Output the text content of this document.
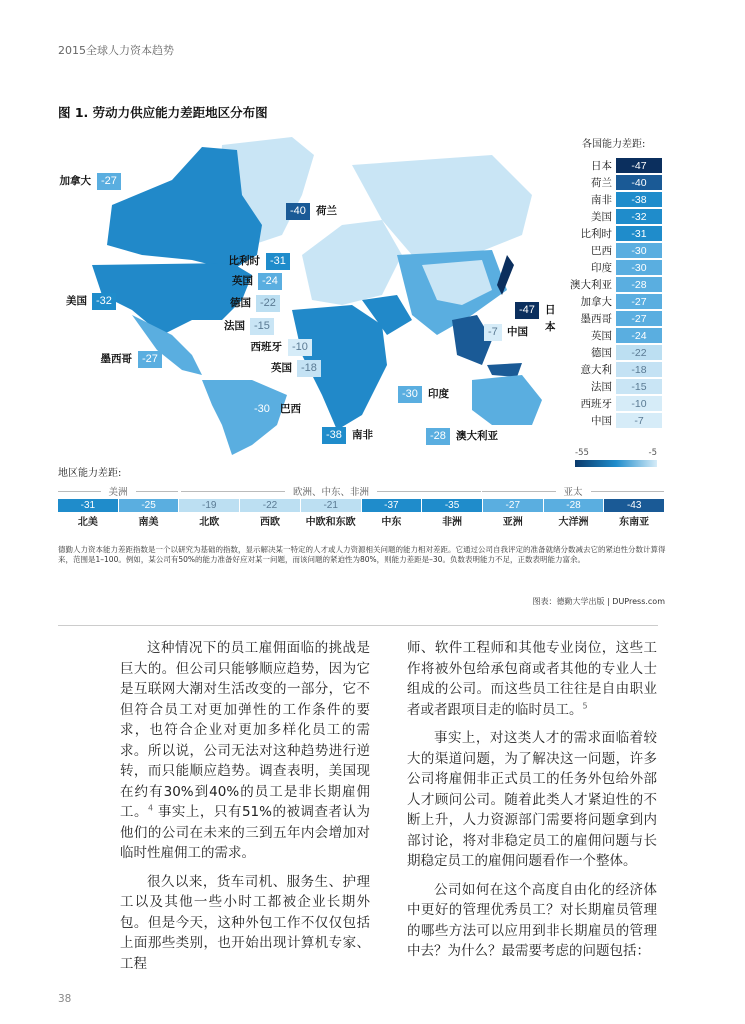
2015全球人力资本趋势
图 1. 劳动力供应能力差距地区分布图
-27
加拿大
-40 荷兰
-31
比利时
-24
英国
-22
德国
-15
法国
-10
西班牙
-32
美国
-18
英国
-27
墨西哥
-30 巴西
-38 南非
-47 日本
-7 中国
-30 印度
-28 澳大利亚
各国能力差距:
日本	-47
荷兰	-40
南非	-38
美国	-32
比利时	-31
巴西	-30
印度	-30
澳大利亚	-28
加拿大	-27
墨西哥	-27
英国	-24
德国	-22
意大利	-18
法国	-15
西班牙	-10
中国	-7
-55	-5
地区能力差距:
美洲	欧洲、中东、非洲	亚太
-31
北美
-25
南美
-19
北欧
-22
西欧
-21
中欧和东欧
-37
中东
-35
非洲
-27
亚洲
-28
大洋洲
-43
东南亚
德勤人力资本能力差距指数是一个以研究为基础的指数，显示解决某一特定的人才或人力资源相关问题的能力相对差距。它通过公司自我评定的准备就绪分数减去它的紧迫性分数计算得来，范围是1–100。例如，某公司有50%的能力准备好应对某一问题，而该问题的紧迫性为80%，则能力差距是–30。负数表明能力不足，正数表明能力富余。
图表：德勤大学出版 | DUPress.com

这种情况下的员工雇佣面临的挑战是巨大的。但公司只能够顺应趋势，因为它是互联网大潮对生活改变的一部分，它不但符合员工对更加弹性的工作条件的要求，也符合企业对更加多样化员工的需求。所以说，公司无法对这种趋势进行逆转，而只能顺应趋势。调查表明，美国现在约有30%到40%的员工是非长期雇佣工。$^4$ 事实上，只有51%的被调查者认为他们的公司在未来的三到五年内会增加对临时性雇佣工的需求。

很久以来，货车司机、服务生、护理工以及其他一些小时工都被企业长期外包。但是今天，这种外包工作不仅仅包括上面那些类别，也开始出现计算机专家、工程

师、软件工程师和其他专业岗位，这些工作将被外包给承包商或者其他的专业人士组成的公司。而这些员工往往是自由职业者或者跟项目走的临时员工。$^5$

事实上，对这类人才的需求面临着较大的渠道问题，为了解决这一问题，许多公司将雇佣非正式员工的任务外包给外部人才顾问公司。随着此类人才紧迫性的不断上升，人力资源部门需要将问题拿到内部讨论，将对非稳定员工的雇佣问题与长期稳定员工的雇佣问题看作一个整体。

公司如何在这个高度自由化的经济体中更好的管理优秀员工？对长期雇员管理的哪些方法可以应用到非长期雇员的管理中去？为什么？最需要考虑的问题包括：

38
